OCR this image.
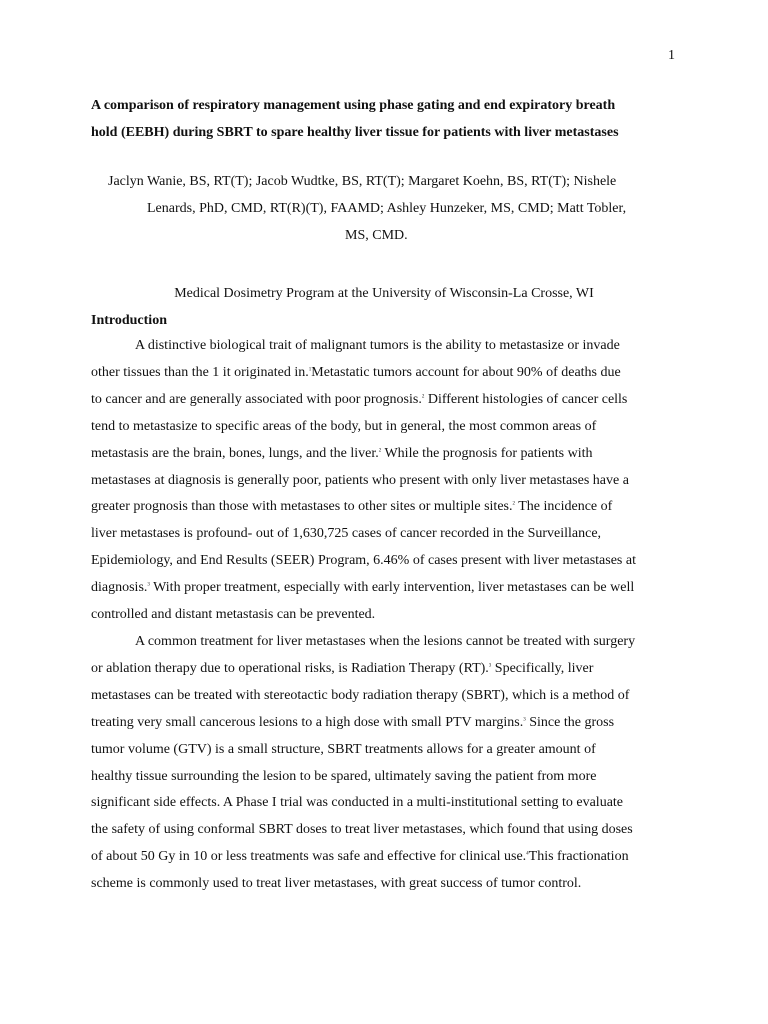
1
A comparison of respiratory management using phase gating and end expiratory breath
hold (EEBH) during SBRT to spare healthy liver tissue for patients with liver metastases
Jaclyn Wanie, BS, RT(T); Jacob Wudtke, BS, RT(T); Margaret Koehn, BS, RT(T); Nishele
Lenards, PhD, CMD, RT(R)(T), FAAMD; Ashley Hunzeker, MS, CMD; Matt Tobler,
MS, CMD.
Medical Dosimetry Program at the University of Wisconsin-La Crosse, WI
Introduction
A distinctive biological trait of malignant tumors is the ability to metastasize or invade
other tissues than the 1 it originated in.$^1$Metastatic tumors account for about 90% of deaths due
to cancer and are generally associated with poor prognosis.$^2$ Different histologies of cancer cells
tend to metastasize to specific areas of the body, but in general, the most common areas of
metastasis are the brain, bones, lungs, and the liver.$^2$ While the prognosis for patients with
metastases at diagnosis is generally poor, patients who present with only liver metastases have a
greater prognosis than those with metastases to other sites or multiple sites.$^2$ The incidence of
liver metastases is profound- out of 1,630,725 cases of cancer recorded in the Surveillance,
Epidemiology, and End Results (SEER) Program, 6.46% of cases present with liver metastases at
diagnosis.$^3$ With proper treatment, especially with early intervention, liver metastases can be well
controlled and distant metastasis can be prevented.
A common treatment for liver metastases when the lesions cannot be treated with surgery
or ablation therapy due to operational risks, is Radiation Therapy (RT).$^3$ Specifically, liver
metastases can be treated with stereotactic body radiation therapy (SBRT), which is a method of
treating very small cancerous lesions to a high dose with small PTV margins.$^3$ Since the gross
tumor volume (GTV) is a small structure, SBRT treatments allows for a greater amount of
healthy tissue surrounding the lesion to be spared, ultimately saving the patient from more
significant side effects. A Phase I trial was conducted in a multi-institutional setting to evaluate
the safety of using conformal SBRT doses to treat liver metastases, which found that using doses
of about 50 Gy in 10 or less treatments was safe and effective for clinical use.$^4$This fractionation
scheme is commonly used to treat liver metastases, with great success of tumor control.
